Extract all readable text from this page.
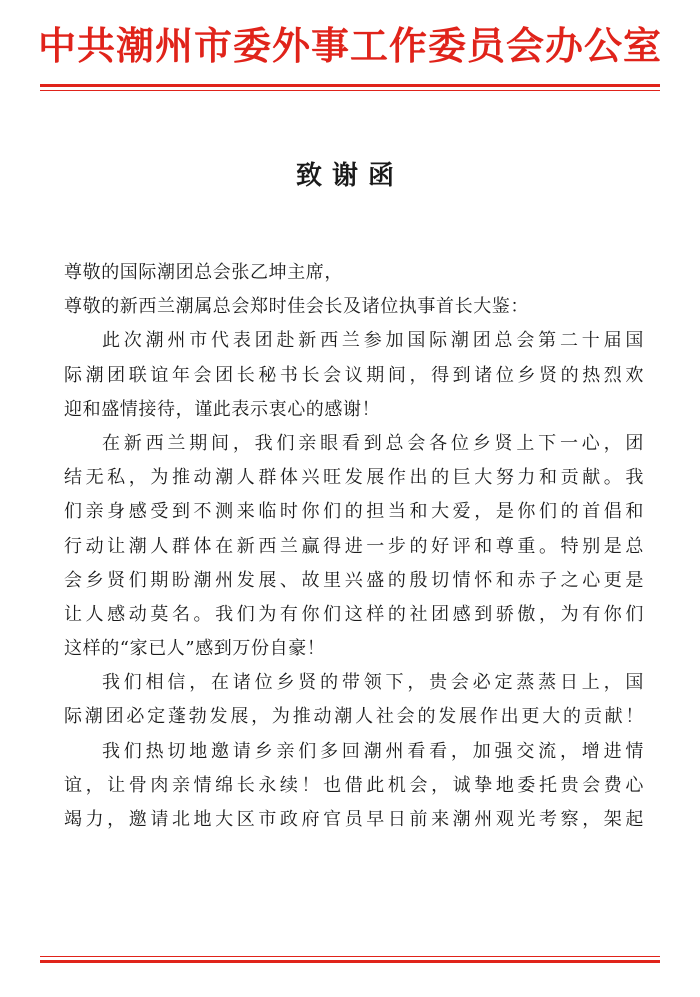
中共潮州市委外事工作委员会办公室
致谢函
尊敬的国际潮团总会张乙坤主席，
尊敬的新西兰潮属总会郑时佳会长及诸位执事首长大鉴：
此次潮州市代表团赴新西兰参加国际潮团总会第二十届国
际潮团联谊年会团长秘书长会议期间，得到诸位乡贤的热烈欢
迎和盛情接待，谨此表示衷心的感谢！
在新西兰期间，我们亲眼看到总会各位乡贤上下一心，团
结无私，为推动潮人群体兴旺发展作出的巨大努力和贡献。我
们亲身感受到不测来临时你们的担当和大爱，是你们的首倡和
行动让潮人群体在新西兰赢得进一步的好评和尊重。特别是总
会乡贤们期盼潮州发展、故里兴盛的殷切情怀和赤子之心更是
让人感动莫名。我们为有你们这样的社团感到骄傲，为有你们
这样的“家已人”感到万份自豪！
我们相信，在诸位乡贤的带领下，贵会必定蒸蒸日上，国
际潮团必定蓬勃发展，为推动潮人社会的发展作出更大的贡献！
我们热切地邀请乡亲们多回潮州看看，加强交流，增进情
谊，让骨肉亲情绵长永续！也借此机会，诚挚地委托贵会费心
竭力，邀请北地大区市政府官员早日前来潮州观光考察，架起
